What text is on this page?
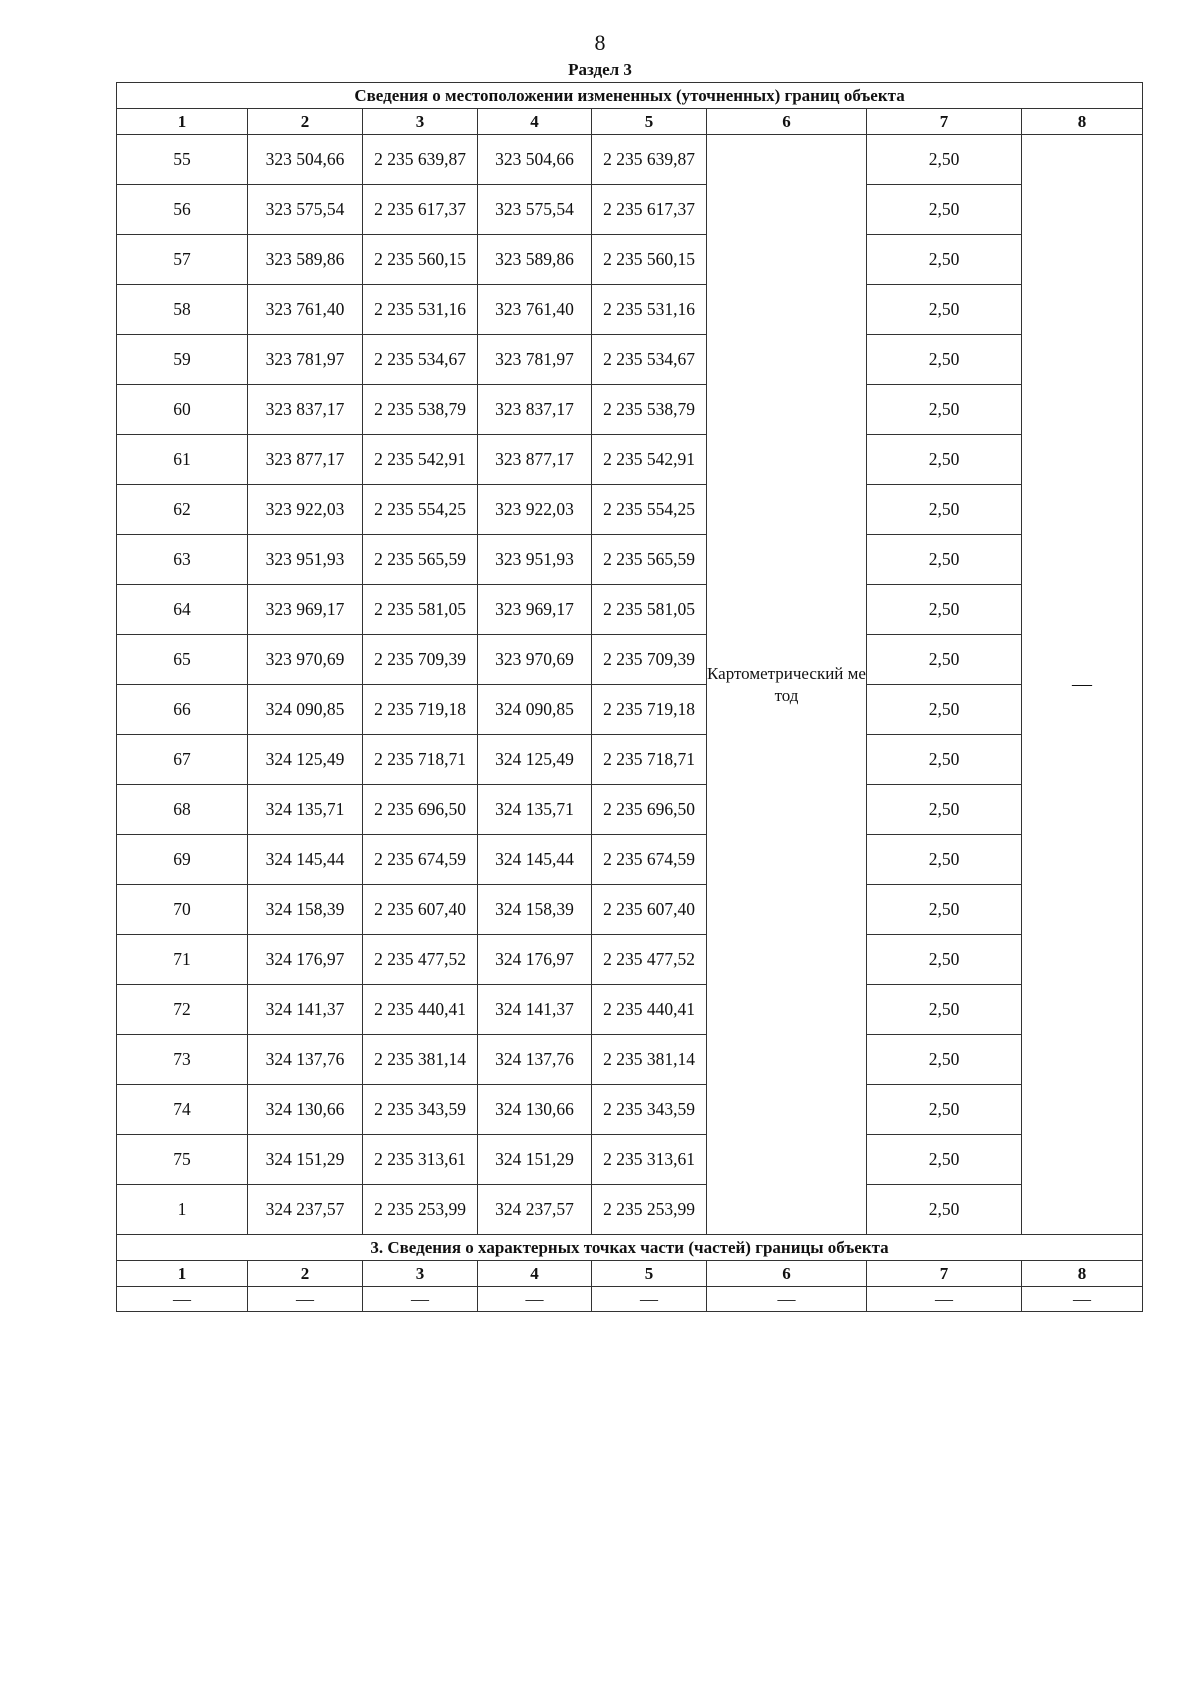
8
Раздел 3
Сведения о местоположении измененных (уточненных) границ объекта							
1	2	3	4	5	6	7	8
55	323 504,66	2 235 639,87	323 504,66	2 235 639,87	Картометрический метод	2,50	—
56	323 575,54	2 235 617,37	323 575,54	2 235 617,37		2,50	
57	323 589,86	2 235 560,15	323 589,86	2 235 560,15		2,50	
58	323 761,40	2 235 531,16	323 761,40	2 235 531,16		2,50	
59	323 781,97	2 235 534,67	323 781,97	2 235 534,67		2,50	
60	323 837,17	2 235 538,79	323 837,17	2 235 538,79		2,50	
61	323 877,17	2 235 542,91	323 877,17	2 235 542,91		2,50	
62	323 922,03	2 235 554,25	323 922,03	2 235 554,25		2,50	
63	323 951,93	2 235 565,59	323 951,93	2 235 565,59		2,50	
64	323 969,17	2 235 581,05	323 969,17	2 235 581,05		2,50	
65	323 970,69	2 235 709,39	323 970,69	2 235 709,39		2,50	
66	324 090,85	2 235 719,18	324 090,85	2 235 719,18		2,50	
67	324 125,49	2 235 718,71	324 125,49	2 235 718,71		2,50	
68	324 135,71	2 235 696,50	324 135,71	2 235 696,50		2,50	
69	324 145,44	2 235 674,59	324 145,44	2 235 674,59		2,50	
70	324 158,39	2 235 607,40	324 158,39	2 235 607,40		2,50	
71	324 176,97	2 235 477,52	324 176,97	2 235 477,52		2,50	
72	324 141,37	2 235 440,41	324 141,37	2 235 440,41		2,50	
73	324 137,76	2 235 381,14	324 137,76	2 235 381,14		2,50	
74	324 130,66	2 235 343,59	324 130,66	2 235 343,59		2,50	
75	324 151,29	2 235 313,61	324 151,29	2 235 313,61		2,50	
1	324 237,57	2 235 253,99	324 237,57	2 235 253,99		2,50	
3. Сведения о характерных точках части (частей) границы объекта							
1	2	3	4	5	6	7	8
—	—	—	—	—	—	—	—
